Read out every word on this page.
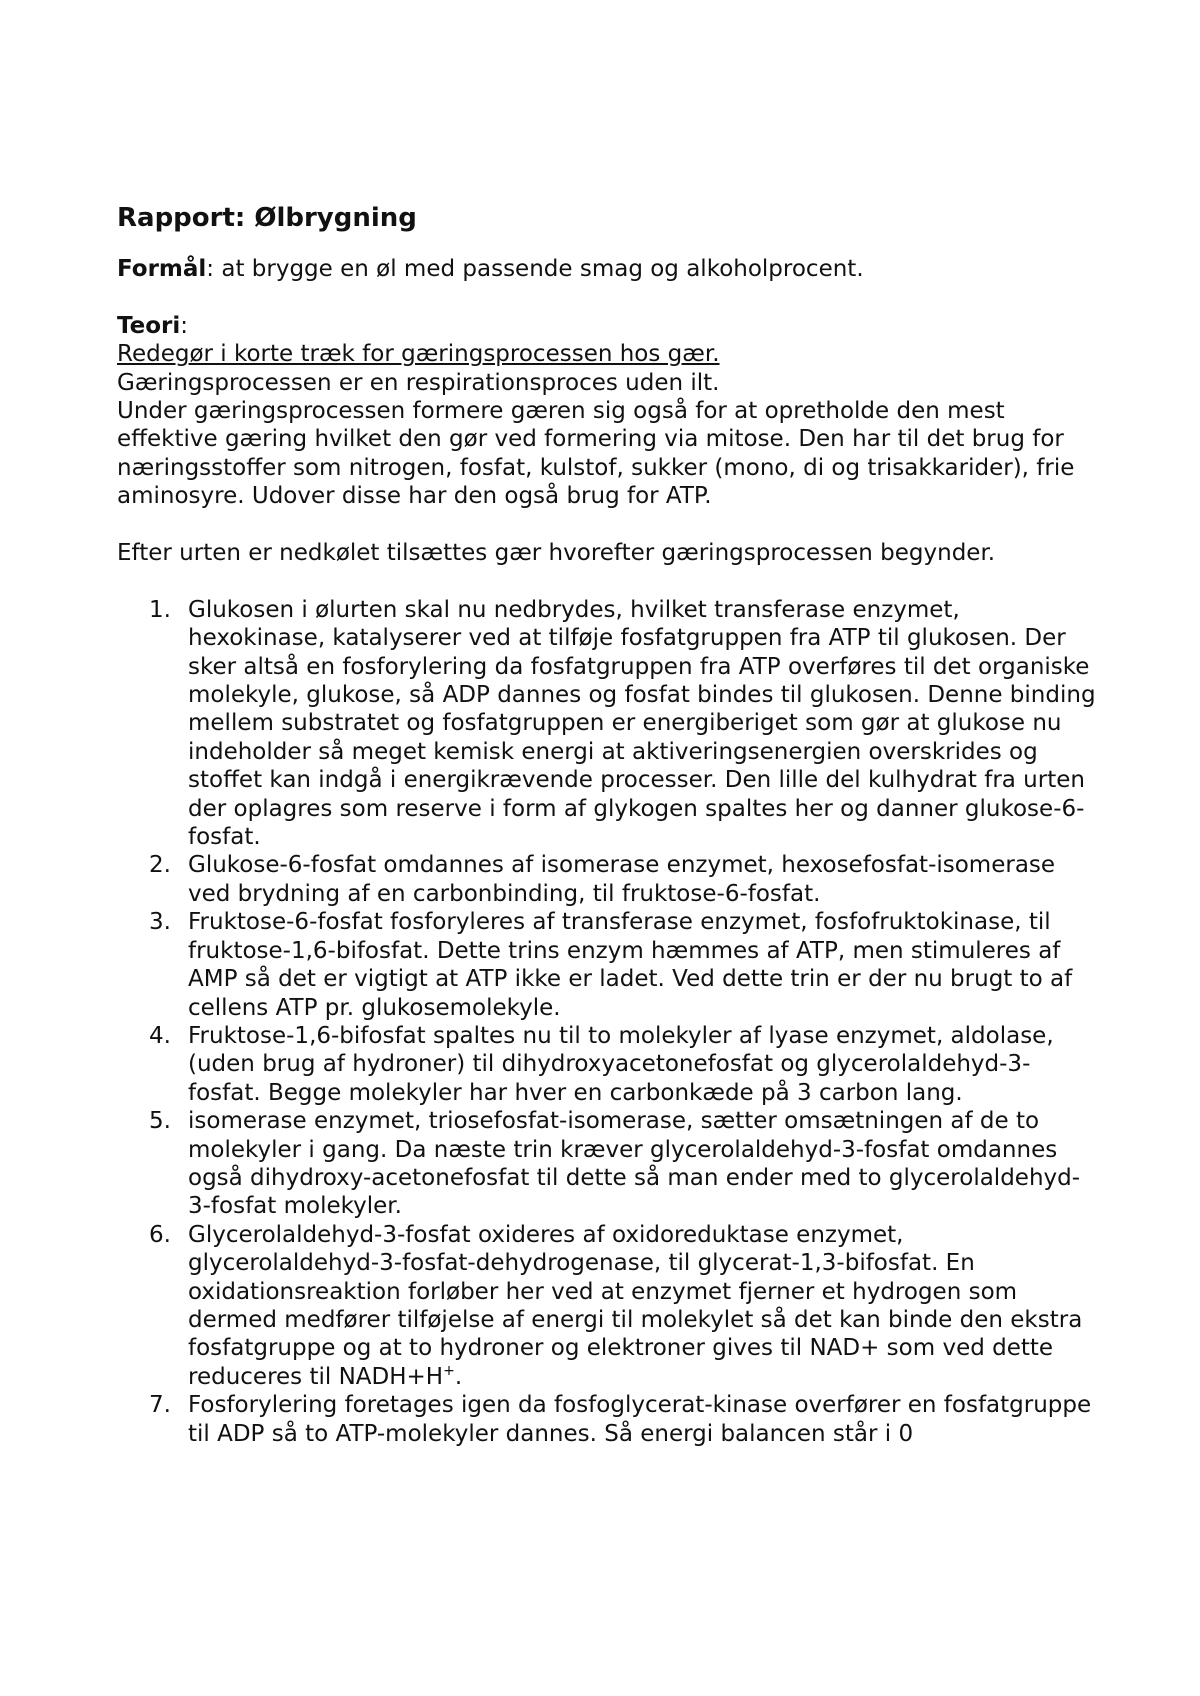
Rapport: Ølbrygning

Formål: at brygge en øl med passende smag og alkoholprocent.

Teori:

Redegør i korte træk for gæringsprocessen hos gær.

Gæringsprocessen er en respirationsproces uden ilt.

Under gæringsprocessen formere gæren sig også for at opretholde den mest effektive gæring hvilket den gør ved formering via mitose. Den har til det brug for næringsstoffer som nitrogen, fosfat, kulstof, sukker (mono, di og trisakkarider), frie aminosyre. Udover disse har den også brug for ATP.

Efter urten er nedkølet tilsættes gær hvorefter gæringsprocessen begynder.

1. Glukosen i ølurten skal nu nedbrydes, hvilket transferase enzymet, hexokinase, katalyserer ved at tilføje fosfatgruppen fra ATP til glukosen. Der sker altså en fosforylering da fosfatgruppen fra ATP overføres til det organiske molekyle, glukose, så ADP dannes og fosfat bindes til glukosen. Denne binding mellem substratet og fosfatgruppen er energiberiget som gør at glukose nu indeholder så meget kemisk energi at aktiveringsenergien overskrides og stoffet kan indgå i energikrævende processer. Den lille del kulhydrat fra urten der oplagres som reserve i form af glykogen spaltes her og danner glukose-6-fosfat.
2. Glukose-6-fosfat omdannes af isomerase enzymet, hexosefosfat-isomerase ved brydning af en carbonbinding, til fruktose-6-fosfat.
3. Fruktose-6-fosfat fosforyleres af transferase enzymet, fosfofruktokinase, til fruktose-1,6-bifosfat. Dette trins enzym hæmmes af ATP, men stimuleres af AMP så det er vigtigt at ATP ikke er ladet. Ved dette trin er der nu brugt to af cellens ATP pr. glukosemolekyle.
4. Fruktose-1,6-bifosfat spaltes nu til to molekyler af lyase enzymet, aldolase, (uden brug af hydroner) til dihydroxyacetonefosfat og glycerolaldehyd-3-fosfat. Begge molekyler har hver en carbonkæde på 3 carbon lang.
5. isomerase enzymet, triosefosfat-isomerase, sætter omsætningen af de to molekyler i gang. Da næste trin kræver glycerolaldehyd-3-fosfat omdannes også dihydroxy-acetonefosfat til dette så man ender med to glycerolaldehyd-3-fosfat molekyler.
6. Glycerolaldehyd-3-fosfat oxideres af oxidoreduktase enzymet, glycerolaldehyd-3-fosfat-dehydrogenase, til glycerat-1,3-bifosfat. En oxidationsreaktion forløber her ved at enzymet fjerner et hydrogen som dermed medfører tilføjelse af energi til molekylet så det kan binde den ekstra fosfatgruppe og at to hydroner og elektroner gives til NAD+ som ved dette reduceres til NADH+H+.
7. Fosforylering foretages igen da fosfoglycerat-kinase overfører en fosfatgruppe til ADP så to ATP-molekyler dannes. Så energi balancen står i 0
